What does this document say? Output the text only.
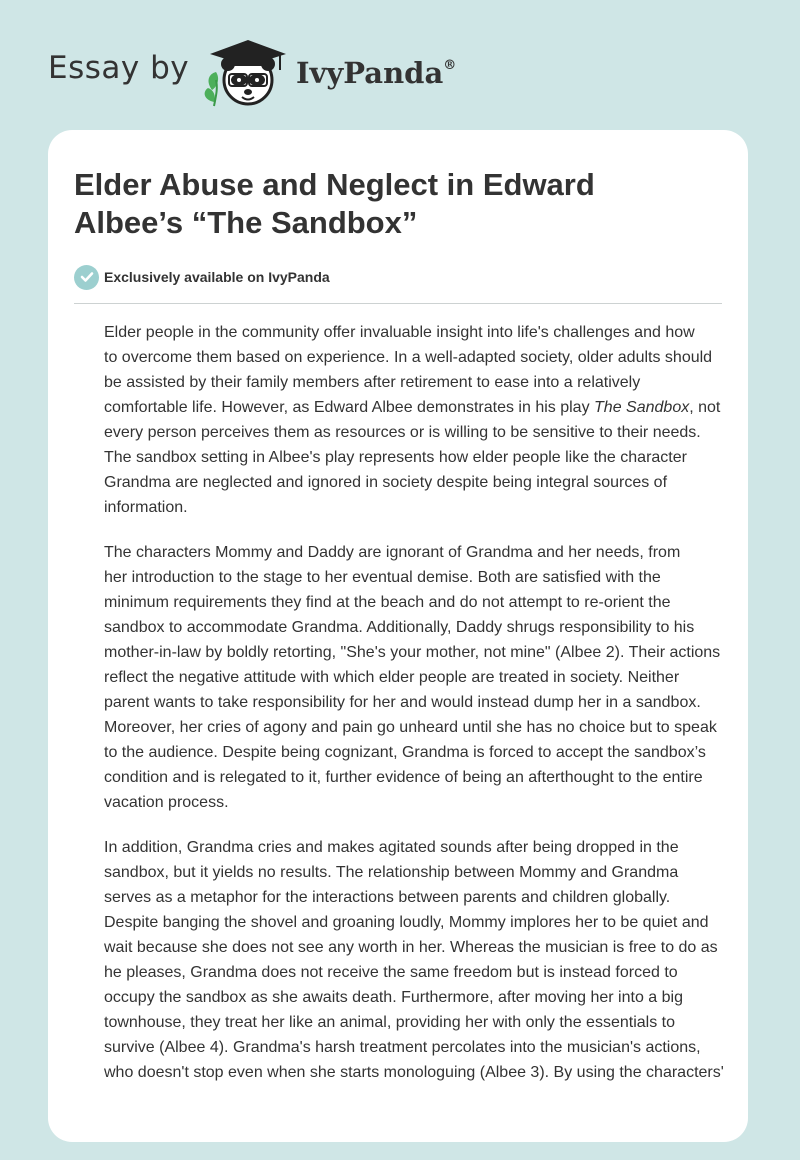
Essay by	IvyPanda®
Elder Abuse and Neglect in Edward
Albee’s “The Sandbox”
Exclusively available on IvyPanda

Elder people in the community offer invaluable insight into life's challenges and how
to overcome them based on experience. In a well-adapted society, older adults should
be assisted by their family members after retirement to ease into a relatively
comfortable life. However, as Edward Albee demonstrates in his play The Sandbox, not
every person perceives them as resources or is willing to be sensitive to their needs.
The sandbox setting in Albee's play represents how elder people like the character
Grandma are neglected and ignored in society despite being integral sources of
information.

The characters Mommy and Daddy are ignorant of Grandma and her needs, from
her introduction to the stage to her eventual demise. Both are satisfied with the
minimum requirements they find at the beach and do not attempt to re-orient the
sandbox to accommodate Grandma. Additionally, Daddy shrugs responsibility to his
mother-in-law by boldly retorting, "She's your mother, not mine" (Albee 2). Their actions
reflect the negative attitude with which elder people are treated in society. Neither
parent wants to take responsibility for her and would instead dump her in a sandbox.
Moreover, her cries of agony and pain go unheard until she has no choice but to speak
to the audience. Despite being cognizant, Grandma is forced to accept the sandbox’s
condition and is relegated to it, further evidence of being an afterthought to the entire
vacation process.

In addition, Grandma cries and makes agitated sounds after being dropped in the
sandbox, but it yields no results. The relationship between Mommy and Grandma
serves as a metaphor for the interactions between parents and children globally.
Despite banging the shovel and groaning loudly, Mommy implores her to be quiet and
wait because she does not see any worth in her. Whereas the musician is free to do as
he pleases, Grandma does not receive the same freedom but is instead forced to
occupy the sandbox as she awaits death. Furthermore, after moving her into a big
townhouse, they treat her like an animal, providing her with only the essentials to
survive (Albee 4). Grandma's harsh treatment percolates into the musician's actions,
who doesn't stop even when she starts monologuing (Albee 3). By using the characters'
